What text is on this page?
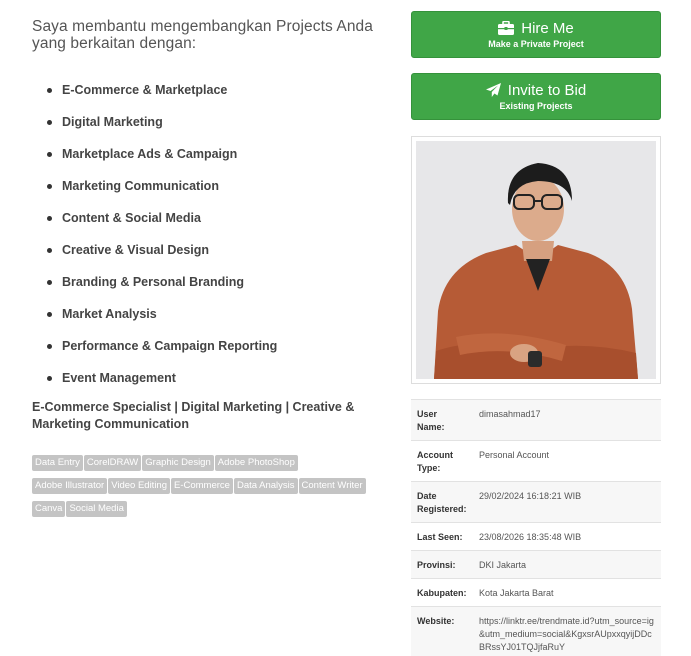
Saya membantu mengembangkan Projects Anda yang berkaitan dengan:

E-Commerce & Marketplace
Digital Marketing
Marketplace Ads & Campaign
Marketing Communication
Content & Social Media
Creative & Visual Design
Branding & Personal Branding
Market Analysis
Performance & Campaign Reporting
Event Management

E-Commerce Specialist | Digital Marketing | Creative & Marketing Communication

Data Entry CorelDRAW Graphic Design Adobe PhotoShop
Adobe Illustrator Video Editing E-Commerce Data Analysis Content Writer
Canva Social Media
Hire Me
Make a Private Project
Invite to Bid
Existing Projects
User Name:	dimasahmad17
Account Type:	Personal Account
Date Registered:	29/02/2024 16:18:21 WIB
Last Seen:	23/08/2026 18:35:48 WIB
Provinsi:	DKI Jakarta
Kabupaten:	Kota Jakarta Barat
Website:	https://linktr.ee/trendmate.id?utm_source=ig&utm_medium=social&KgxsrAUpxxqyijDDcBRssYJ01TQJjfaRuY
